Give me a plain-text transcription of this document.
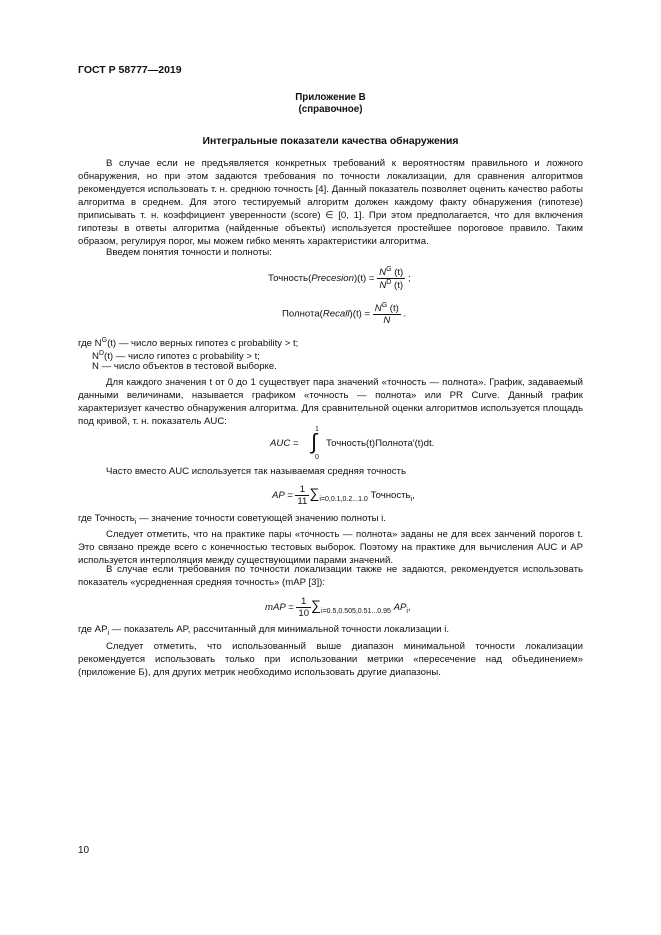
ГОСТ Р 58777—2019
Приложение В
(справочное)
Интегральные показатели качества обнаружения
В случае если не предъявляется конкретных требований к вероятностям правильного и ложного обнаружения, но при этом задаются требования по точности локализации, для сравнения алгоритмов рекомендуется использовать т. н. среднюю точность [4]. Данный показатель позволяет оценить качество работы алгоритма в среднем. Для этого тестируемый алгоритм должен каждому факту обнаружения (гипотезе) приписывать т. н. коэффициент уверенности (score) ∈ [0, 1]. При этом предполагается, что для включения гипотезы в ответы алгоритма (найденные объекты) используется простейшее пороговое правило. Таким образом, регулируя порог, мы можем гибко менять характеристики алгоритма.
Введем понятия точности и полноты:
Точность(Precesion)(t) = $\frac{N^G (t)}{N^D (t)}$ ;
Полнота(Recall)(t) = $\frac{N^G (t)}{N}$ .
где $N^G(t)$ — число верных гипотез с probability > t;
$N^D(t)$ — число гипотез с probability > t;
N — число объектов в тестовой выборке.
Для каждого значения t от 0 до 1 существует пара значений «точность — полнота». График, задаваемый данными величинами, называется графиком «точность — полнота» или PR Curve. Данный график характеризует качество обнаружения алгоритма. Для сравнительной оценки алгоритмов используется площадь под кривой, т. н. показатель AUC:
AUC =
1
∫
0
Точность(t)Полнота′(t)dt.
Часто вместо AUC используется так называемая средняя точность
AP = $\frac{1}{11} \sum_{i=0,0.1,0.2...1.0}$ Точность$_i$,
где Точность$_i$ — значение точности советующей значению полноты i.
Следует отметить, что на практике пары «точность — полнота» заданы не для всех занчений порогов t. Это связано прежде всего с конечностью тестовых выборок. Поэтому на практике для вычисления AUC и AP используется интерполяция между существующими парами значений.
В случае если требования по точности локализации также не задаются, рекомендуется использовать показатель «усредненная средняя точность» (mAP [3]):
mAP = $\frac{1}{10} \sum_{i=0.5,0.505,0.51...0.95}$ $AP_i$,
где $AP_i$ — показатель AP, рассчитанный для минимальной точности локализации i.
Следует отметить, что использованный выше диапазон минимальной точности локализации рекомендуется использовать только при использовании метрики «пересечение над объединением» (приложение Б), для других метрик необходимо использовать другие диапазоны.
10
